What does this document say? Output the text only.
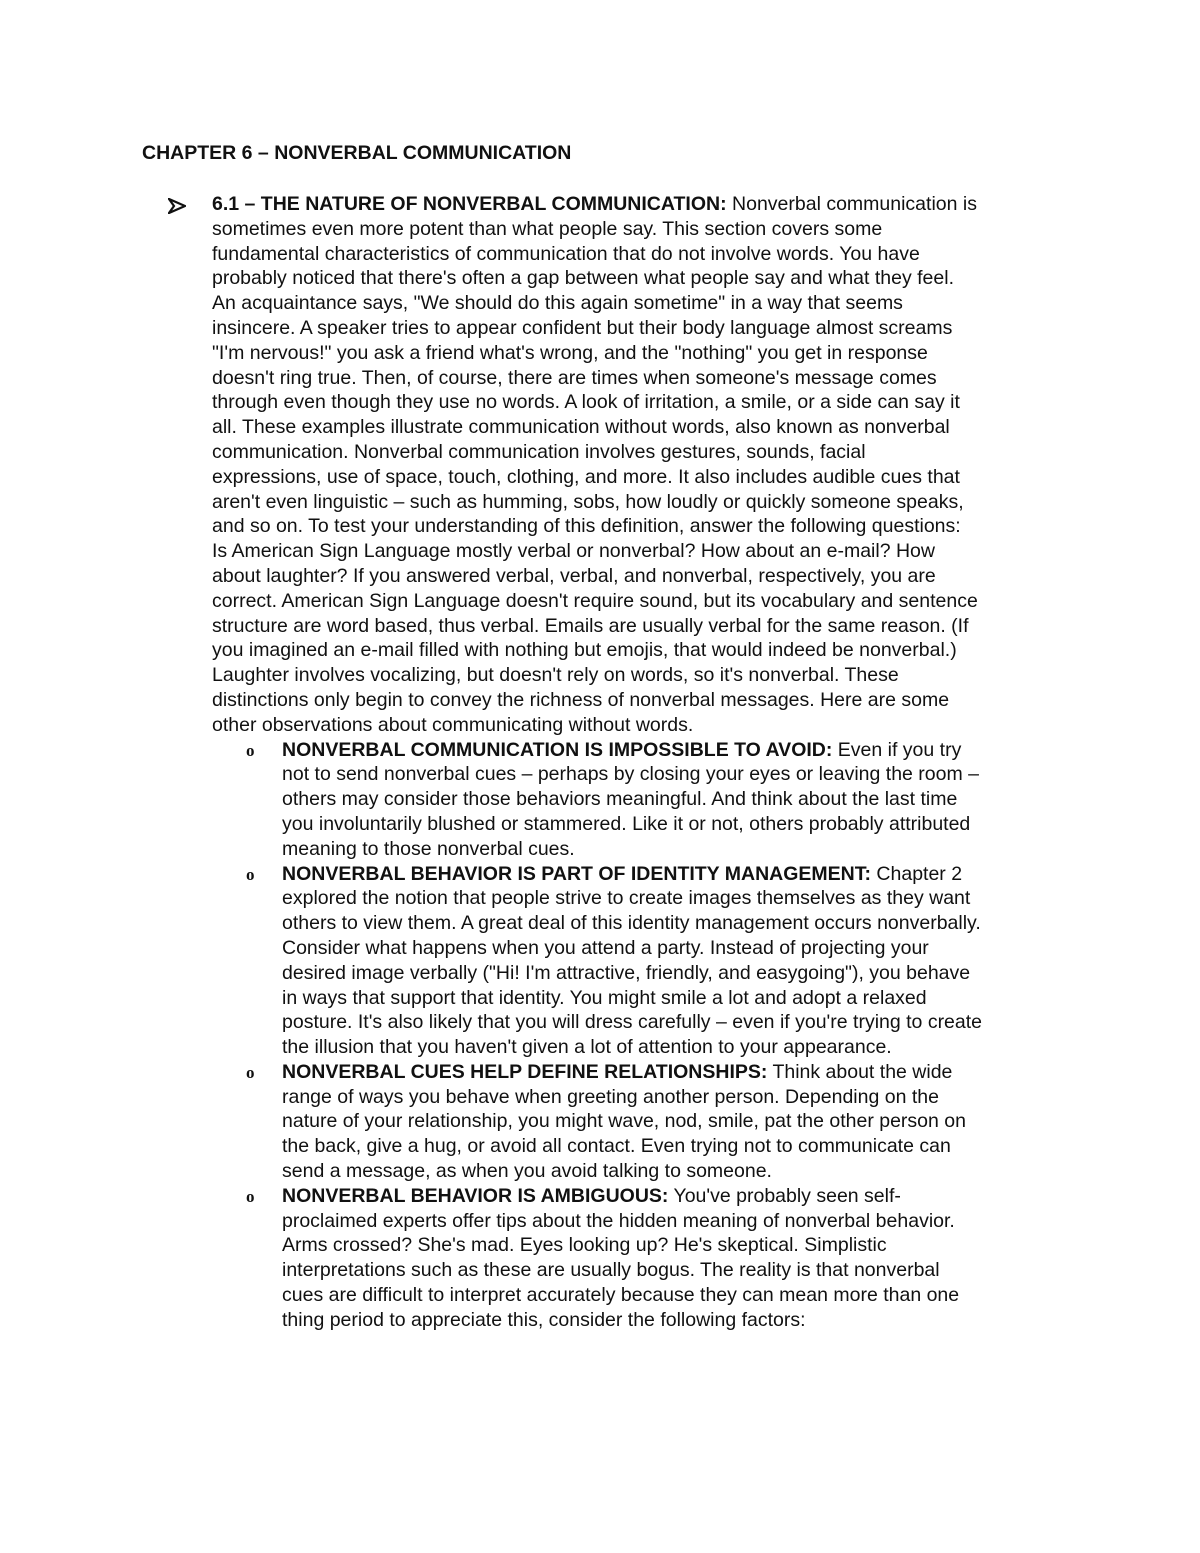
CHAPTER 6 – NONVERBAL COMMUNICATION
6.1 – THE NATURE OF NONVERBAL COMMUNICATION: Nonverbal communication is
sometimes even more potent than what people say. This section covers some
fundamental characteristics of communication that do not involve words. You have
probably noticed that there's often a gap between what people say and what they feel.
An acquaintance says, "We should do this again sometime" in a way that seems
insincere. A speaker tries to appear confident but their body language almost screams
"I'm nervous!" you ask a friend what's wrong, and the "nothing" you get in response
doesn't ring true. Then, of course, there are times when someone's message comes
through even though they use no words. A look of irritation, a smile, or a side can say it
all. These examples illustrate communication without words, also known as nonverbal
communication. Nonverbal communication involves gestures, sounds, facial
expressions, use of space, touch, clothing, and more. It also includes audible cues that
aren't even linguistic – such as humming, sobs, how loudly or quickly someone speaks,
and so on. To test your understanding of this definition, answer the following questions:
Is American Sign Language mostly verbal or nonverbal? How about an e-mail? How
about laughter? If you answered verbal, verbal, and nonverbal, respectively, you are
correct. American Sign Language doesn't require sound, but its vocabulary and sentence
structure are word based, thus verbal. Emails are usually verbal for the same reason. (If
you imagined an e-mail filled with nothing but emojis, that would indeed be nonverbal.)
Laughter involves vocalizing, but doesn't rely on words, so it's nonverbal. These
distinctions only begin to convey the richness of nonverbal messages. Here are some
other observations about communicating without words.
o NONVERBAL COMMUNICATION IS IMPOSSIBLE TO AVOID: Even if you try
not to send nonverbal cues – perhaps by closing your eyes or leaving the room –
others may consider those behaviors meaningful. And think about the last time
you involuntarily blushed or stammered. Like it or not, others probably attributed
meaning to those nonverbal cues.
o NONVERBAL BEHAVIOR IS PART OF IDENTITY MANAGEMENT: Chapter 2
explored the notion that people strive to create images themselves as they want
others to view them. A great deal of this identity management occurs nonverbally.
Consider what happens when you attend a party. Instead of projecting your
desired image verbally ("Hi! I'm attractive, friendly, and easygoing"), you behave
in ways that support that identity. You might smile a lot and adopt a relaxed
posture. It's also likely that you will dress carefully – even if you're trying to create
the illusion that you haven't given a lot of attention to your appearance.
o NONVERBAL CUES HELP DEFINE RELATIONSHIPS: Think about the wide
range of ways you behave when greeting another person. Depending on the
nature of your relationship, you might wave, nod, smile, pat the other person on
the back, give a hug, or avoid all contact. Even trying not to communicate can
send a message, as when you avoid talking to someone.
o NONVERBAL BEHAVIOR IS AMBIGUOUS: You've probably seen self-
proclaimed experts offer tips about the hidden meaning of nonverbal behavior.
Arms crossed? She's mad. Eyes looking up? He's skeptical. Simplistic
interpretations such as these are usually bogus. The reality is that nonverbal
cues are difficult to interpret accurately because they can mean more than one
thing period to appreciate this, consider the following factors:
